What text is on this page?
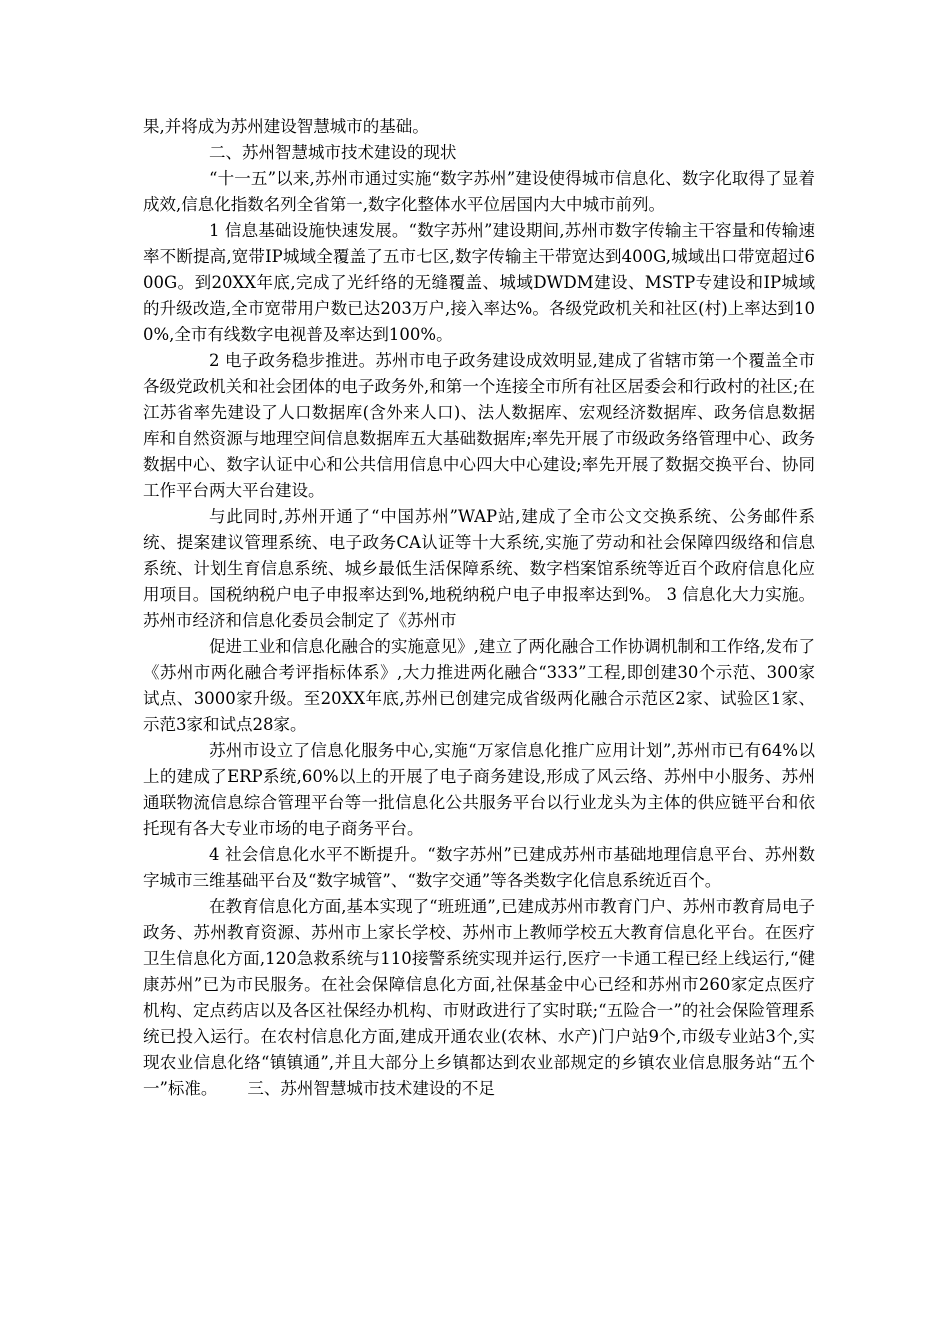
果,并将成为苏州建设智慧城市的基础。

二、苏州智慧城市技术建设的现状

“十一五”以来,苏州市通过实施“数字苏州”建设使得城市信息化、数字化取得了显着成效,信息化指数名列全省第一,数字化整体水平位居国内大中城市前列。

1 信息基础设施快速发展。“数字苏州”建设期间,苏州市数字传输主干容量和传输速率不断提高,宽带IP城域全覆盖了五市七区,数字传输主干带宽达到400G,城域出口带宽超过600G。到20XX年底,完成了光纤络的无缝覆盖、城域DWDM建设、MSTP专建设和IP城域的升级改造,全市宽带用户数已达203万户,接入率达%。各级党政机关和社区(村)上率达到100%,全市有线数字电视普及率达到100%。

2 电子政务稳步推进。苏州市电子政务建设成效明显,建成了省辖市第一个覆盖全市各级党政机关和社会团体的电子政务外,和第一个连接全市所有社区居委会和行政村的社区;在江苏省率先建设了人口数据库(含外来人口)、法人数据库、宏观经济数据库、政务信息数据库和自然资源与地理空间信息数据库五大基础数据库;率先开展了市级政务络管理中心、政务数据中心、数字认证中心和公共信用信息中心四大中心建设;率先开展了数据交换平台、协同工作平台两大平台建设。

与此同时,苏州开通了“中国苏州”WAP站,建成了全市公文交换系统、公务邮件系统、提案建议管理系统、电子政务CA认证等十大系统,实施了劳动和社会保障四级络和信息系统、计划生育信息系统、城乡最低生活保障系统、数字档案馆系统等近百个政府信息化应用项目。国税纳税户电子申报率达到%,地税纳税户电子申报率达到%。 3 信息化大力实施。苏州市经济和信息化委员会制定了《苏州市

促进工业和信息化融合的实施意见》,建立了两化融合工作协调机制和工作络,发布了《苏州市两化融合考评指标体系》,大力推进两化融合“333”工程,即创建30个示范、300家试点、3000家升级。至20XX年底,苏州已创建完成省级两化融合示范区2家、试验区1家、示范3家和试点28家。

苏州市设立了信息化服务中心,实施“万家信息化推广应用计划”,苏州市已有64%以上的建成了ERP系统,60%以上的开展了电子商务建设,形成了风云络、苏州中小服务、苏州通联物流信息综合管理平台等一批信息化公共服务平台以行业龙头为主体的供应链平台和依托现有各大专业市场的电子商务平台。

4 社会信息化水平不断提升。“数字苏州”已建成苏州市基础地理信息平台、苏州数字城市三维基础平台及“数字城管”、“数字交通”等各类数字化信息系统近百个。

在教育信息化方面,基本实现了“班班通”,已建成苏州市教育门户、苏州市教育局电子政务、苏州教育资源、苏州市上家长学校、苏州市上教师学校五大教育信息化平台。在医疗卫生信息化方面,120急救系统与110接警系统实现并运行,医疗一卡通工程已经上线运行,“健康苏州”已为市民服务。在社会保障信息化方面,社保基金中心已经和苏州市260家定点医疗机构、定点药店以及各区社保经办机构、市财政进行了实时联;“五险合一”的社会保险管理系统已投入运行。在农村信息化方面,建成开通农业(农林、水产)门户站9个,市级专业站3个,实现农业信息化络“镇镇通”,并且大部分上乡镇都达到农业部规定的乡镇农业信息服务站“五个一”标准。　　 三、苏州智慧城市技术建设的不足
